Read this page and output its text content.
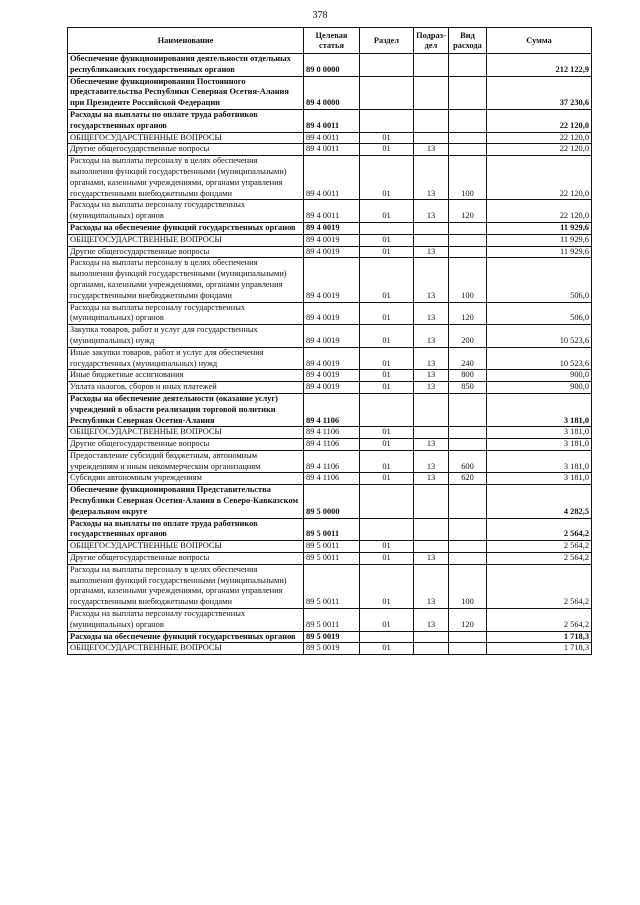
378
Наименование	Целевая статья	Раздел	Подраз-дел	Вид расхода	Сумма
Обеспечение функционирования деятельности отдельных республиканских государственных органов	89 0 0000				212 122,9
Обеспечение функционирования Постоянного представительства Республики Северная Осетия-Алания при Президенте Российской Федерации	89 4 0000				37 230,6
Расходы на выплаты по оплате труда работников государственных органов	89 4 0011				22 120,0
ОБЩЕГОСУДАРСТВЕННЫЕ ВОПРОСЫ	89 4 0011	01			22 120,0
Другие общегосударственные вопросы	89 4 0011	01	13		22 120,0
Расходы на выплаты персоналу в целях обеспечения выполнения функций государственными (муниципальными) органами, казенными учреждениями, органами управления государственными внебюджетными фондами	89 4 0011	01	13	100	22 120,0
Расходы на выплаты персоналу государственных (муниципальных) органов	89 4 0011	01	13	120	22 120,0
Расходы на обеспечение функций государственных органов	89 4 0019				11 929,6
ОБЩЕГОСУДАРСТВЕННЫЕ ВОПРОСЫ	89 4 0019	01			11 929,6
Другие общегосударственные вопросы	89 4 0019	01	13		11 929,6
Расходы на выплаты персоналу в целях обеспечения выполнения функций государственными (муниципальными) органами, казенными учреждениями, органами управления государственными внебюджетными фондами	89 4 0019	01	13	100	506,0
Расходы на выплаты персоналу государственных (муниципальных) органов	89 4 0019	01	13	120	506,0
Закупка товаров, работ и услуг для государственных (муниципальных) нужд	89 4 0019	01	13	200	10 523,6
Иные закупки товаров, работ и услуг для обеспечения государственных (муниципальных) нужд	89 4 0019	01	13	240	10 523,6
Иные бюджетные ассигнования	89 4 0019	01	13	800	900,0
Уплата налогов, сборов и иных платежей	89 4 0019	01	13	850	900,0
Расходы на обеспечение деятельности (оказание услуг) учреждений в области реализации торговой политики Республики Северная Осетия-Алания	89 4 1106				3 181,0
ОБЩЕГОСУДАРСТВЕННЫЕ ВОПРОСЫ	89 4 1106	01			3 181,0
Другие общегосударственные вопросы	89 4 1106	01	13		3 181,0
Предоставление субсидий бюджетным, автономным учреждениям и иным некоммерческим организациям	89 4 1106	01	13	600	3 181,0
Субсидии автономным учреждениям	89 4 1106	01	13	620	3 181,0
Обеспечение функционирования Представительства Республики Северная Осетия-Алания в Северо-Кавказском федеральном округе	89 5 0000				4 282,5
Расходы на выплаты по оплате труда работников государственных органов	89 5 0011				2 564,2
ОБЩЕГОСУДАРСТВЕННЫЕ ВОПРОСЫ	89 5 0011	01			2 564,2
Другие общегосударственные вопросы	89 5 0011	01	13		2 564,2
Расходы на выплаты персоналу в целях обеспечения выполнения функций государственными (муниципальными) органами, казенными учреждениями, органами управления государственными внебюджетными фондами	89 5 0011	01	13	100	2 564,2
Расходы на выплаты персоналу государственных (муниципальных) органов	89 5 0011	01	13	120	2 564,2
Расходы на обеспечение функций государственных органов	89 5 0019				1 718,3
ОБЩЕГОСУДАРСТВЕННЫЕ ВОПРОСЫ	89 5 0019	01			1 718,3
